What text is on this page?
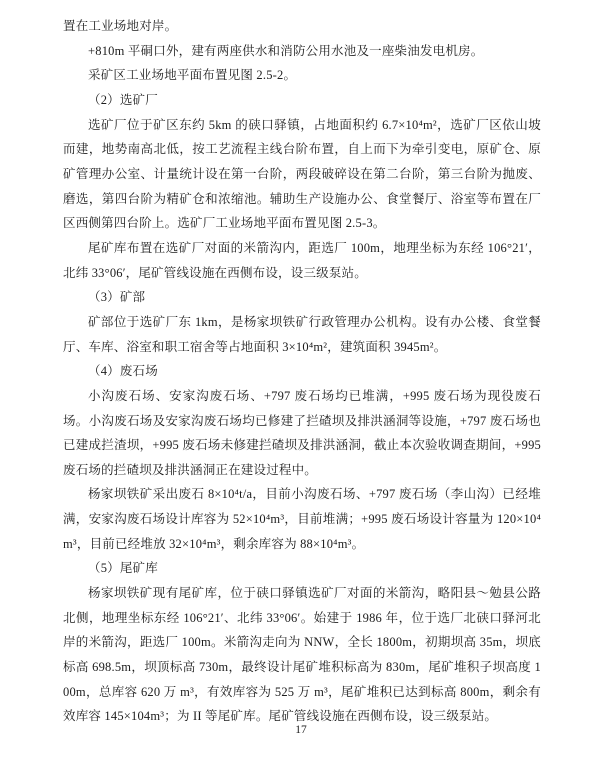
置在工业场地对岸。

+810m 平硐口外，建有两座供水和消防公用水池及一座柴油发电机房。

采矿区工业场地平面布置见图 2.5-2。

（2）选矿厂

选矿厂位于矿区东约 5km 的硖口驿镇，占地面积约 6.7×10⁴m²，选矿厂区依山坡而建，地势南高北低，按工艺流程主线台阶布置，自上而下为牵引变电，原矿仓、原矿管理办公室、计量统计设在第一台阶，两段破碎设在第二台阶，第三台阶为抛废、磨选，第四台阶为精矿仓和浓缩池。辅助生产设施办公、食堂餐厅、浴室等布置在厂区西侧第四台阶上。选矿厂工业场地平面布置见图 2.5-3。

尾矿库布置在选矿厂对面的米箭沟内，距选厂 100m，地理坐标为东经 106°21′，北纬 33°06′，尾矿管线设施在西侧布设，设三级泵站。

（3）矿部

矿部位于选矿厂东 1km，是杨家坝铁矿行政管理办公机构。设有办公楼、食堂餐厅、车库、浴室和职工宿舍等占地面积 3×10⁴m²，建筑面积 3945m²。

（4）废石场

小沟废石场、安家沟废石场、+797 废石场均已堆满，+995 废石场为现役废石场。小沟废石场及安家沟废石场均已修建了拦碴坝及排洪涵洞等设施，+797 废石场也已建成拦渣坝，+995 废石场未修建拦碴坝及排洪涵洞，截止本次验收调查期间，+995 废石场的拦碴坝及排洪涵洞正在建设过程中。

杨家坝铁矿采出废石 8×10⁴t/a，目前小沟废石场、+797 废石场（李山沟）已经堆满，安家沟废石场设计库容为 52×10⁴m³，目前堆满；+995 废石场设计容量为 120×10⁴m³，目前已经堆放 32×10⁴m³，剩余库容为 88×10⁴m³。

（5）尾矿库

杨家坝铁矿现有尾矿库，位于硖口驿镇选矿厂对面的米箭沟，略阳县～勉县公路北侧，地理坐标东经 106°21′、北纬 33°06′。始建于 1986 年，位于选厂北硖口驿河北岸的米箭沟，距选厂 100m。米箭沟走向为 NNW，全长 1800m，初期坝高 35m，坝底标高 698.5m，坝顶标高 730m，最终设计尾矿堆积标高为 830m，尾矿堆积子坝高度 100m，总库容 620 万 m³，有效库容为 525 万 m³，尾矿堆积已达到标高 800m，剩余有效库容 145×104m³；为 II 等尾矿库。尾矿管线设施在西侧布设，设三级泵站。

17
